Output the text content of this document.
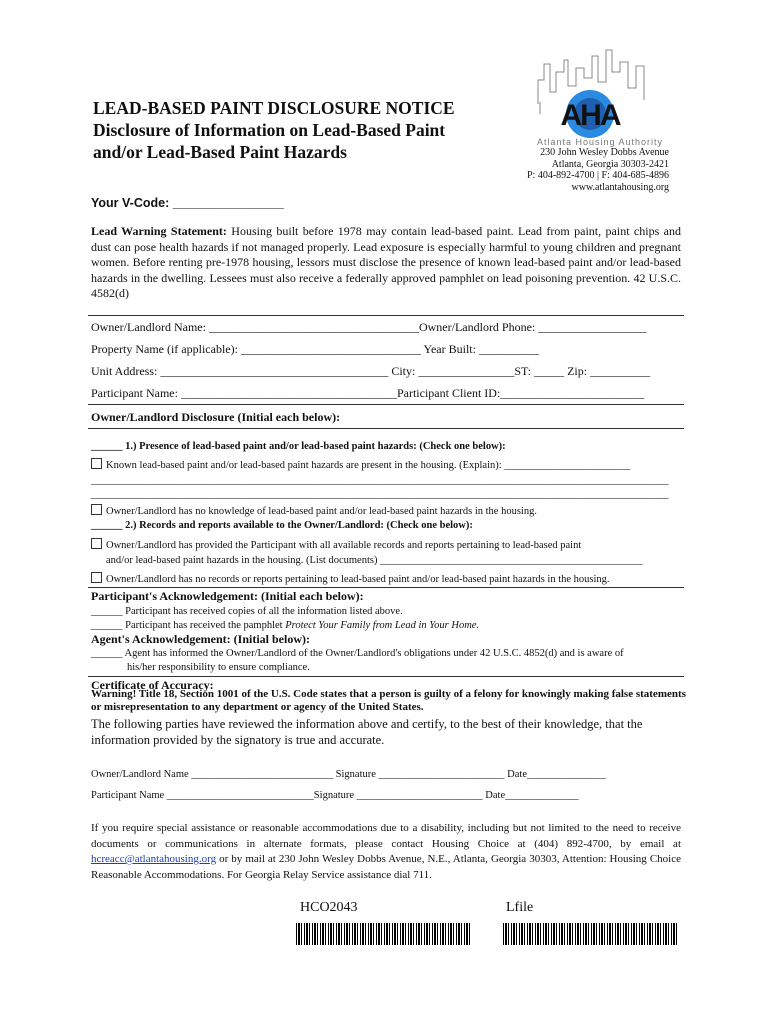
LEAD-BASED PAINT DISCLOSURE NOTICE
Disclosure of Information on Lead-Based Paint
and/or Lead-Based Paint Hazards
AHA
Atlanta Housing Authority
230 John Wesley Dobbs Avenue
Atlanta, Georgia 30303-2421
P: 404-892-4700 | F: 404-685-4896
www.atlantahousing.org
Your V-Code: ________________
Lead Warning Statement: Housing built before 1978 may contain lead-based paint. Lead from paint, paint chips and dust can pose health hazards if not managed properly. Lead exposure is especially harmful to young children and pregnant women. Before renting pre-1978 housing, lessors must disclose the presence of known lead-based paint and/or lead-based hazards in the dwelling. Lessees must also receive a federally approved pamphlet on lead poisoning prevention. 42 U.S.C. 4582(d)
Owner/Landlord Name: ___________________________________Owner/Landlord Phone: __________________
Property Name (if applicable): ______________________________ Year Built: __________
Unit Address: ______________________________________ City: ________________ST: _____ Zip: __________
Participant Name: ____________________________________Participant Client ID:________________________
Owner/Landlord Disclosure (Initial each below):
______ 1.) Presence of lead-based paint and/or lead-based paint hazards: (Check one below):
Known lead-based paint and/or lead-based paint hazards are present in the housing. (Explain): ________________________
______________________________________________________________________________________________________________
______________________________________________________________________________________________________________
Owner/Landlord has no knowledge of lead-based paint and/or lead-based paint hazards in the housing.
______ 2.) Records and reports available to the Owner/Landlord: (Check one below):
Owner/Landlord has provided the Participant with all available records and reports pertaining to lead-based paint
and/or lead-based paint hazards in the housing. (List documents) __________________________________________________
Owner/Landlord has no records or reports pertaining to lead-based paint and/or lead-based paint hazards in the housing.
Participant's Acknowledgement: (Initial each below):
______ Participant has received copies of all the information listed above.
______ Participant has received the pamphlet Protect Your Family from Lead in Your Home.
Agent's Acknowledgement: (Initial below):
______ Agent has informed the Owner/Landlord of the Owner/Landlord's obligations under 42 U.S.C. 4852(d) and is aware of
his/her responsibility to ensure compliance.
Certificate of Accuracy:
Warning! Title 18, Section 1001 of the U.S. Code states that a person is guilty of a felony for knowingly making false statements or misrepresentation to any department or agency of the United States.
The following parties have reviewed the information above and certify, to the best of their knowledge, that the information provided by the signatory is true and accurate.
Owner/Landlord Name ___________________________ Signature ________________________ Date_______________
Participant Name ____________________________Signature ________________________ Date______________
If you require special assistance or reasonable accommodations due to a disability, including but not limited to the need to receive documents or communications in alternate formats, please contact Housing Choice at (404) 892-4700, by email at hcreacc@atlantahousing.org or by mail at 230 John Wesley Dobbs Avenue, N.E., Atlanta, Georgia 30303, Attention: Housing Choice Reasonable Accommodations. For Georgia Relay Service assistance dial 711.
HCO2043	Lfile
